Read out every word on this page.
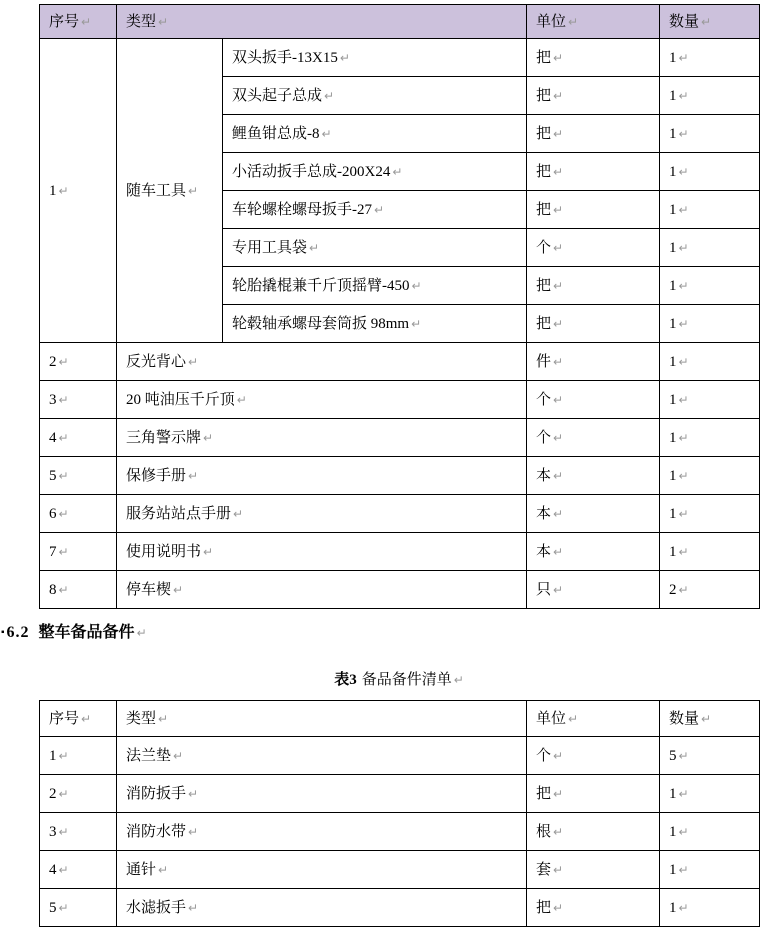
序号 ↵	类型 ↵		单位 ↵	数量 ↵
1 ↵	随车工具 ↵	双头扳手-13X15 ↵	把 ↵	1 ↵
		双头起子总成 ↵	把 ↵	1 ↵
		鲤鱼钳总成-8 ↵	把 ↵	1 ↵
		小活动扳手总成-200X24 ↵	把 ↵	1 ↵
		车轮螺栓螺母扳手-27 ↵	把 ↵	1 ↵
		专用工具袋 ↵	个 ↵	1 ↵
		轮胎撬棍兼千斤顶摇臂-450 ↵	把 ↵	1 ↵
		轮毂轴承螺母套筒扳 98mm ↵	把 ↵	1 ↵
2 ↵	反光背心 ↵		件 ↵	1 ↵
3 ↵	20 吨油压千斤顶 ↵		个 ↵	1 ↵
4 ↵	三角警示牌 ↵		个 ↵	1 ↵
5 ↵	保修手册 ↵		本 ↵	1 ↵
6 ↵	服务站站点手册 ↵		本 ↵	1 ↵
7 ↵	使用说明书 ↵		本 ↵	1 ↵
8 ↵	停车楔 ↵		只 ↵	2 ↵
▪ 6.2 整车备品备件 ↵
表3 备品备件清单 ↵
序号 ↵	类型 ↵	单位 ↵	数量 ↵
1 ↵	法兰垫 ↵	个 ↵	5 ↵
2 ↵	消防扳手 ↵	把 ↵	1 ↵
3 ↵	消防水带 ↵	根 ↵	1 ↵
4 ↵	通针 ↵	套 ↵	1 ↵
5 ↵	水滤扳手 ↵	把 ↵	1 ↵
